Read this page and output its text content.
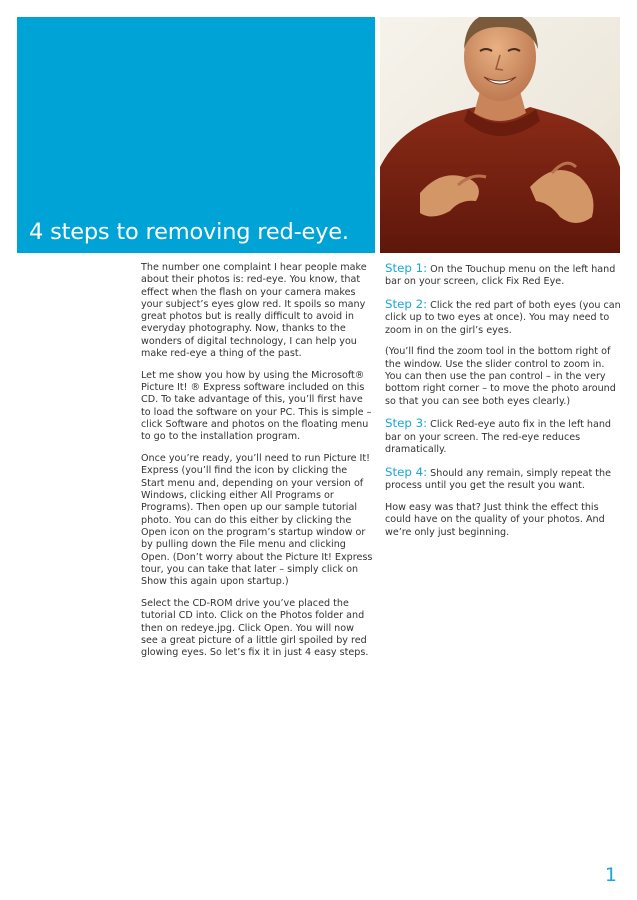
4 steps to removing red-eye.

The number one complaint I hear people make about their photos is: red-eye. You know, that effect when the flash on your camera makes your subject’s eyes glow red. It spoils so many great photos but is really difficult to avoid in everyday photography. Now, thanks to the wonders of digital technology, I can help you make red-eye a thing of the past.

Let me show you how by using the Microsoft® Picture It! ® Express software included on this CD. To take advantage of this, you’ll first have to load the software on your PC. This is simple – click Software and photos on the floating menu to go to the installation program.

Once you’re ready, you’ll need to run Picture It! Express (you’ll find the icon by clicking the Start menu and, depending on your version of Windows, clicking either All Programs or Programs). Then open up our sample tutorial photo. You can do this either by clicking the Open icon on the program’s startup window or by pulling down the File menu and clicking Open. (Don’t worry about the Picture It! Express tour, you can take that later – simply click on Show this again upon startup.)

Select the CD-ROM drive you’ve placed the tutorial CD into. Click on the Photos folder and then on redeye.jpg. Click Open. You will now see a great picture of a little girl spoiled by red glowing eyes. So let’s fix it in just 4 easy steps.

Step 1: On the Touchup menu on the left hand bar on your screen, click Fix Red Eye.

Step 2: Click the red part of both eyes (you can click up to two eyes at once). You may need to zoom in on the girl’s eyes.

(You’ll find the zoom tool in the bottom right of the window. Use the slider control to zoom in. You can then use the pan control – in the very bottom right corner – to move the photo around so that you can see both eyes clearly.)

Step 3: Click Red-eye auto fix in the left hand bar on your screen. The red-eye reduces dramatically.

Step 4: Should any remain, simply repeat the process until you get the result you want.

How easy was that? Just think the effect this could have on the quality of your photos. And we’re only just beginning.

1
